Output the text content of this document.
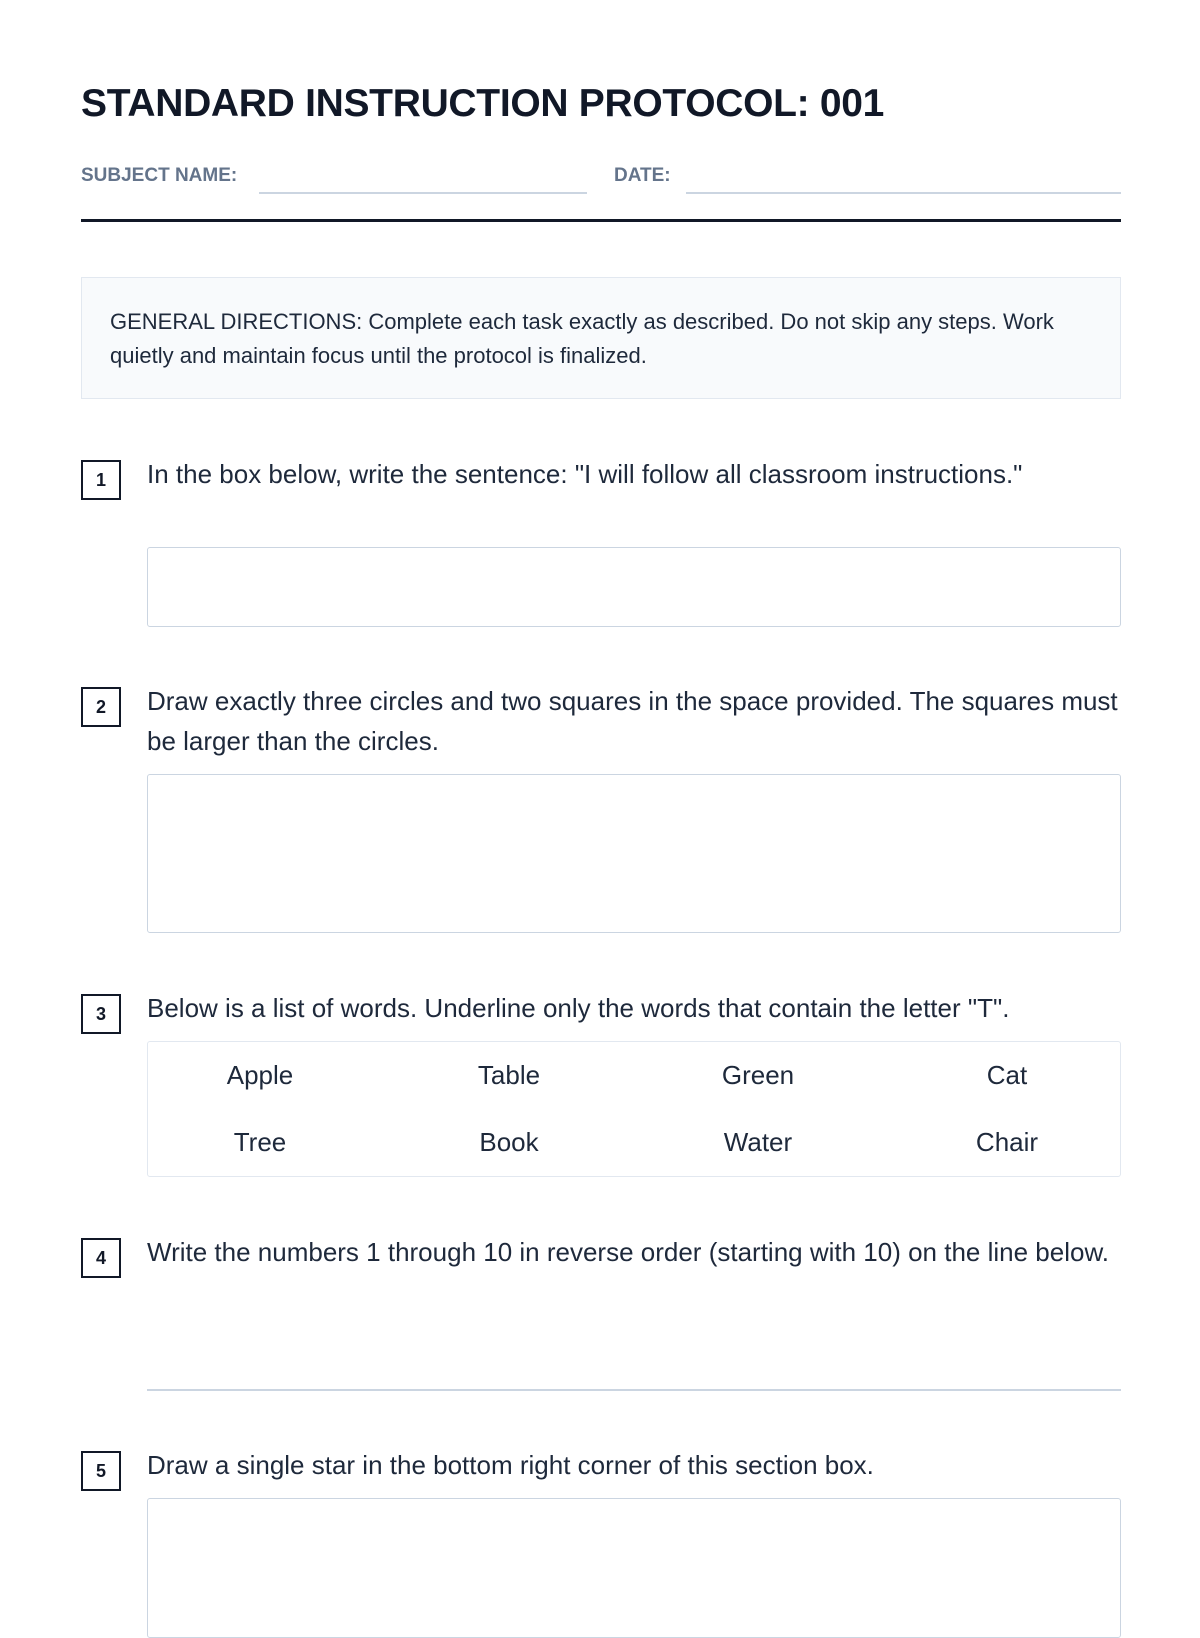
STANDARD INSTRUCTION PROTOCOL: 001
SUBJECT NAME:	DATE:
GENERAL DIRECTIONS: Complete each task exactly as described. Do not skip any steps. Work quietly and maintain focus until the protocol is finalized.
1	In the box below, write the sentence: "I will follow all classroom instructions."
2	Draw exactly three circles and two squares in the space provided. The squares must be larger than the circles.
3	Below is a list of words. Underline only the words that contain the letter "T".
Apple	Table	Green	Cat
Tree	Book	Water	Chair
4	Write the numbers 1 through 10 in reverse order (starting with 10) on the line below.
5	Draw a single star in the bottom right corner of this section box.
